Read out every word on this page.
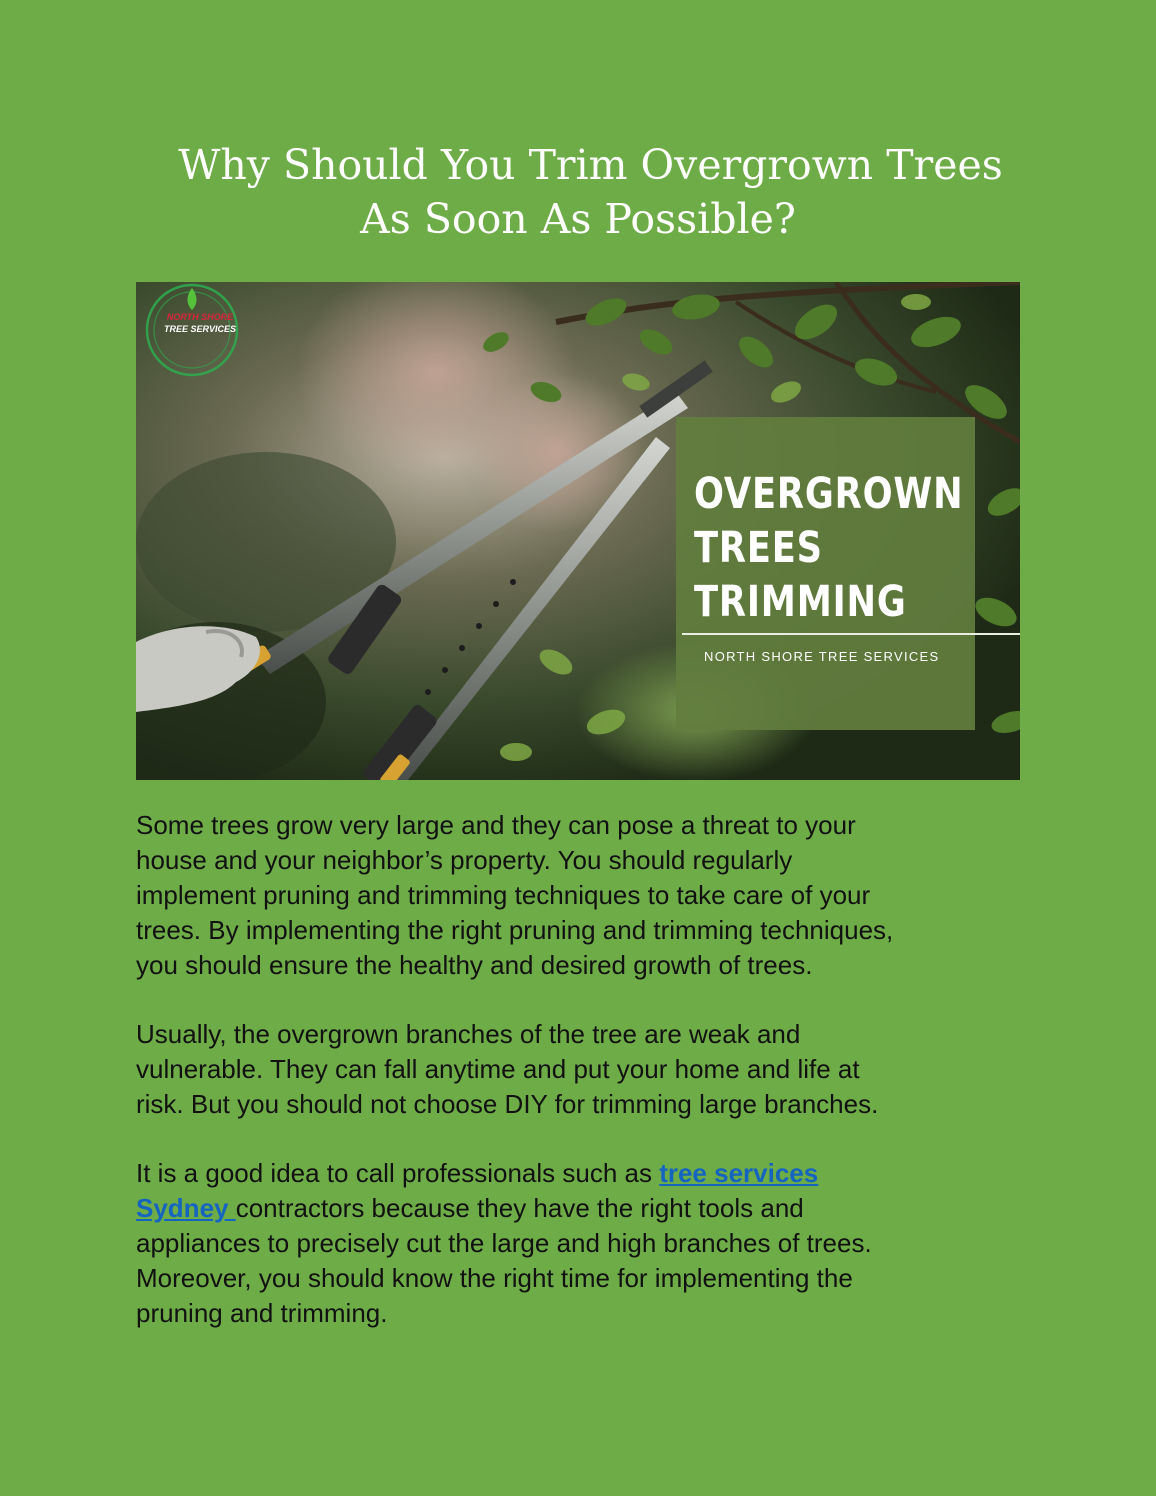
Why Should You Trim Overgrown Trees
As Soon As Possible?
NORTH SHORE
TREE SERVICES
OVERGROWN
TREES
TRIMMING
NORTH SHORE TREE SERVICES

Some trees grow very large and they can pose a threat to your
house and your neighbor’s property. You should regularly
implement pruning and trimming techniques to take care of your
trees. By implementing the right pruning and trimming techniques,
you should ensure the healthy and desired growth of trees.

Usually, the overgrown branches of the tree are weak and
vulnerable. They can fall anytime and put your home and life at
risk. But you should not choose DIY for trimming large branches.

It is a good idea to call professionals such as tree services
Sydney contractors because they have the right tools and
appliances to precisely cut the large and high branches of trees.
Moreover, you should know the right time for implementing the
pruning and trimming.
